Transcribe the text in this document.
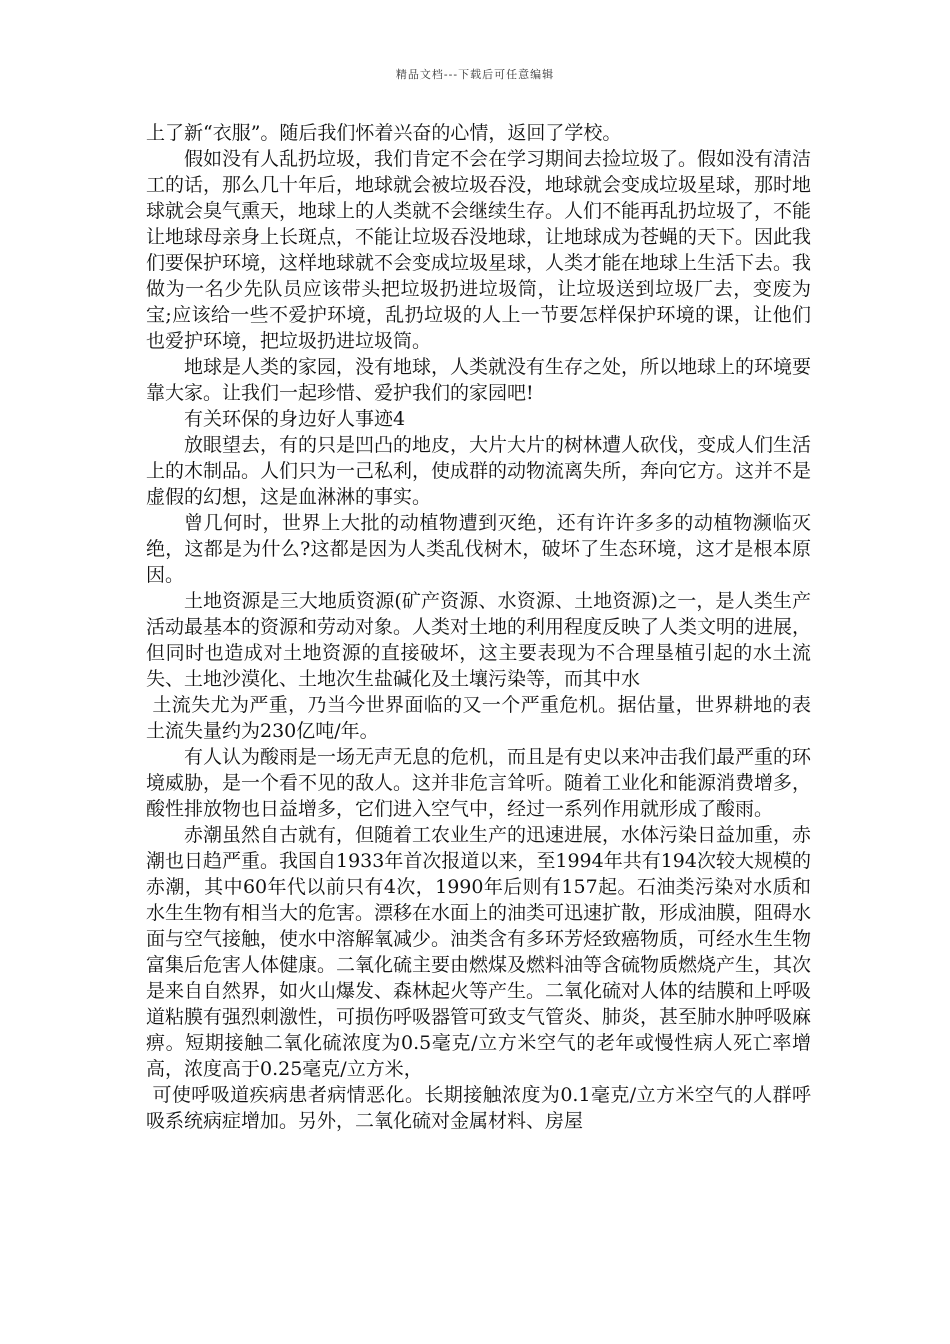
精品文档---下载后可任意编辑

上了新“衣服”。随后我们怀着兴奋的心情，返回了学校。

假如没有人乱扔垃圾，我们肯定不会在学习期间去捡垃圾了。假如没有清洁工的话，那么几十年后，地球就会被垃圾吞没，地球就会变成垃圾星球，那时地球就会臭气熏天，地球上的人类就不会继续生存。人们不能再乱扔垃圾了，不能让地球母亲身上长斑点，不能让垃圾吞没地球，让地球成为苍蝇的天下。因此我们要保护环境，这样地球就不会变成垃圾星球，人类才能在地球上生活下去。我做为一名少先队员应该带头把垃圾扔进垃圾筒，让垃圾送到垃圾厂去，变废为宝;应该给一些不爱护环境，乱扔垃圾的人上一节要怎样保护环境的课，让他们也爱护环境，把垃圾扔进垃圾筒。

地球是人类的家园，没有地球，人类就没有生存之处，所以地球上的环境要靠大家。让我们一起珍惜、爱护我们的家园吧!

有关环保的身边好人事迹4

放眼望去，有的只是凹凸的地皮，大片大片的树林遭人砍伐，变成人们生活上的木制品。人们只为一己私利，使成群的动物流离失所，奔向它方。这并不是虚假的幻想，这是血淋淋的事实。

曾几何时，世界上大批的动植物遭到灭绝，还有许许多多的动植物濒临灭绝，这都是为什么?这都是因为人类乱伐树木，破坏了生态环境，这才是根本原因。

土地资源是三大地质资源(矿产资源、水资源、土地资源)之一，是人类生产活动最基本的资源和劳动对象。人类对土地的利用程度反映了人类文明的进展，但同时也造成对土地资源的直接破坏，这主要表现为不合理垦植引起的水土流失、土地沙漠化、土地次生盐碱化及土壤污染等，而其中水

土流失尤为严重，乃当今世界面临的又一个严重危机。据估量，世界耕地的表土流失量约为230亿吨/年。

有人认为酸雨是一场无声无息的危机，而且是有史以来冲击我们最严重的环境威胁，是一个看不见的敌人。这并非危言耸听。随着工业化和能源消费增多，酸性排放物也日益增多，它们进入空气中，经过一系列作用就形成了酸雨。

赤潮虽然自古就有，但随着工农业生产的迅速进展，水体污染日益加重，赤潮也日趋严重。我国自1933年首次报道以来，至1994年共有194次较大规模的赤潮，其中60年代以前只有4次，1990年后则有157起。石油类污染对水质和水生生物有相当大的危害。漂移在水面上的油类可迅速扩散，形成油膜，阻碍水面与空气接触，使水中溶解氧减少。油类含有多环芳烃致癌物质，可经水生生物富集后危害人体健康。二氧化硫主要由燃煤及燃料油等含硫物质燃烧产生，其次是来自自然界，如火山爆发、森林起火等产生。二氧化硫对人体的结膜和上呼吸道粘膜有强烈刺激性，可损伤呼吸器管可致支气管炎、肺炎，甚至肺水肿呼吸麻痹。短期接触二氧化硫浓度为0.5毫克/立方米空气的老年或慢性病人死亡率增高，浓度高于0.25毫克/立方米，

可使呼吸道疾病患者病情恶化。长期接触浓度为0.1毫克/立方米空气的人群呼吸系统病症增加。另外，二氧化硫对金属材料、房屋
